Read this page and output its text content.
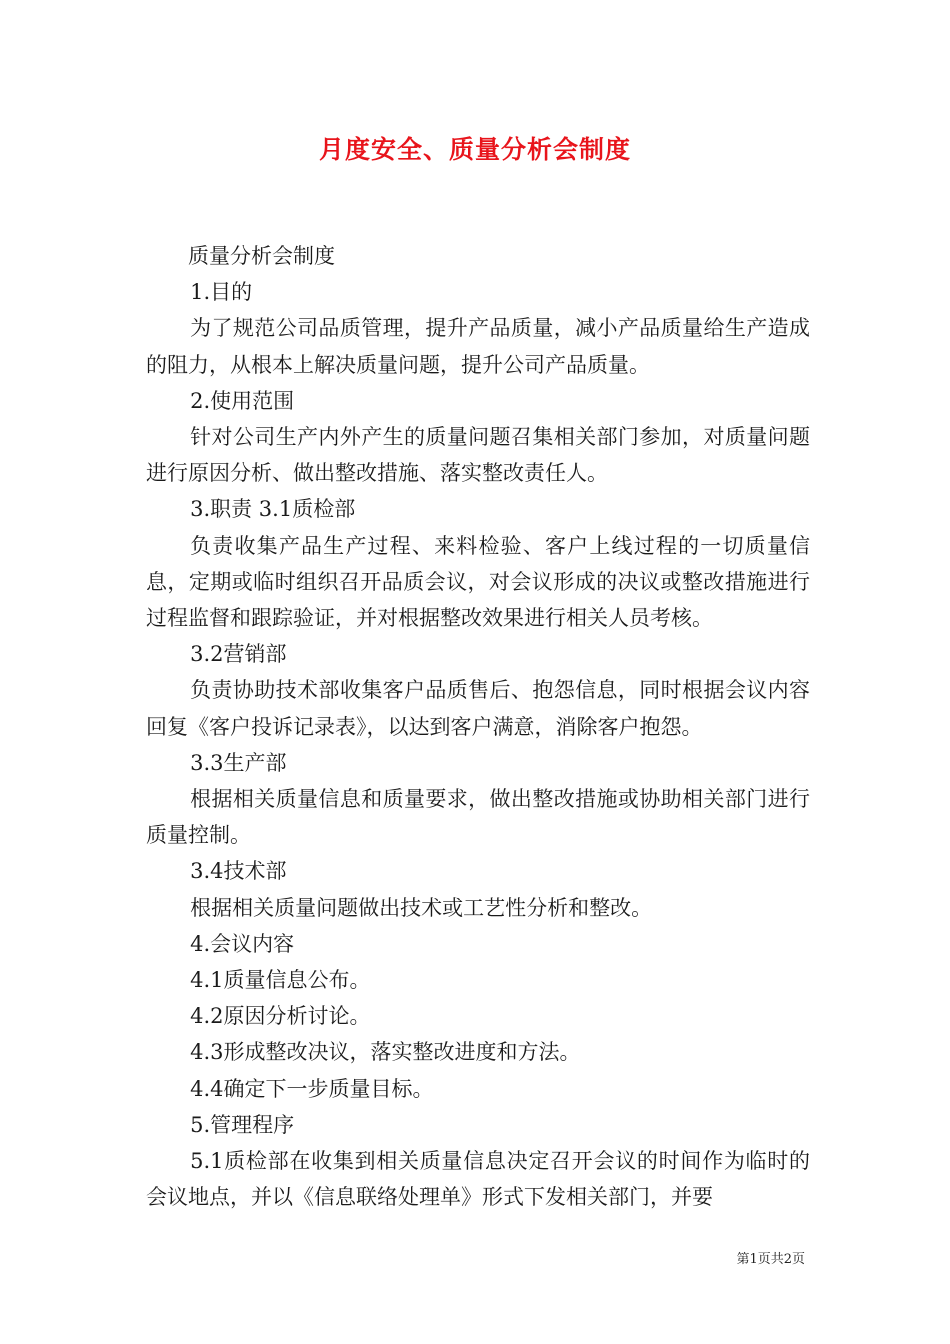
月度安全、质量分析会制度

质量分析会制度

1.目的

为了规范公司品质管理，提升产品质量，减小产品质量给生产造成的阻力，从根本上解决质量问题，提升公司产品质量。

2.使用范围

针对公司生产内外产生的质量问题召集相关部门参加，对质量问题进行原因分析、做出整改措施、落实整改责任人。

3.职责 3.1质检部

负责收集产品生产过程、来料检验、客户上线过程的一切质量信息，定期或临时组织召开品质会议，对会议形成的决议或整改措施进行过程监督和跟踪验证，并对根据整改效果进行相关人员考核。

3.2营销部

负责协助技术部收集客户品质售后、抱怨信息，同时根据会议内容回复《客户投诉记录表》，以达到客户满意，消除客户抱怨。

3.3生产部

根据相关质量信息和质量要求，做出整改措施或协助相关部门进行质量控制。

3.4技术部

根据相关质量问题做出技术或工艺性分析和整改。

4.会议内容

4.1质量信息公布。

4.2原因分析讨论。

4.3形成整改决议，落实整改进度和方法。

4.4确定下一步质量目标。

5.管理程序

5.1质检部在收集到相关质量信息决定召开会议的时间作为临时的会议地点，并以《信息联络处理单》形式下发相关部门，并要

第1页共2页
